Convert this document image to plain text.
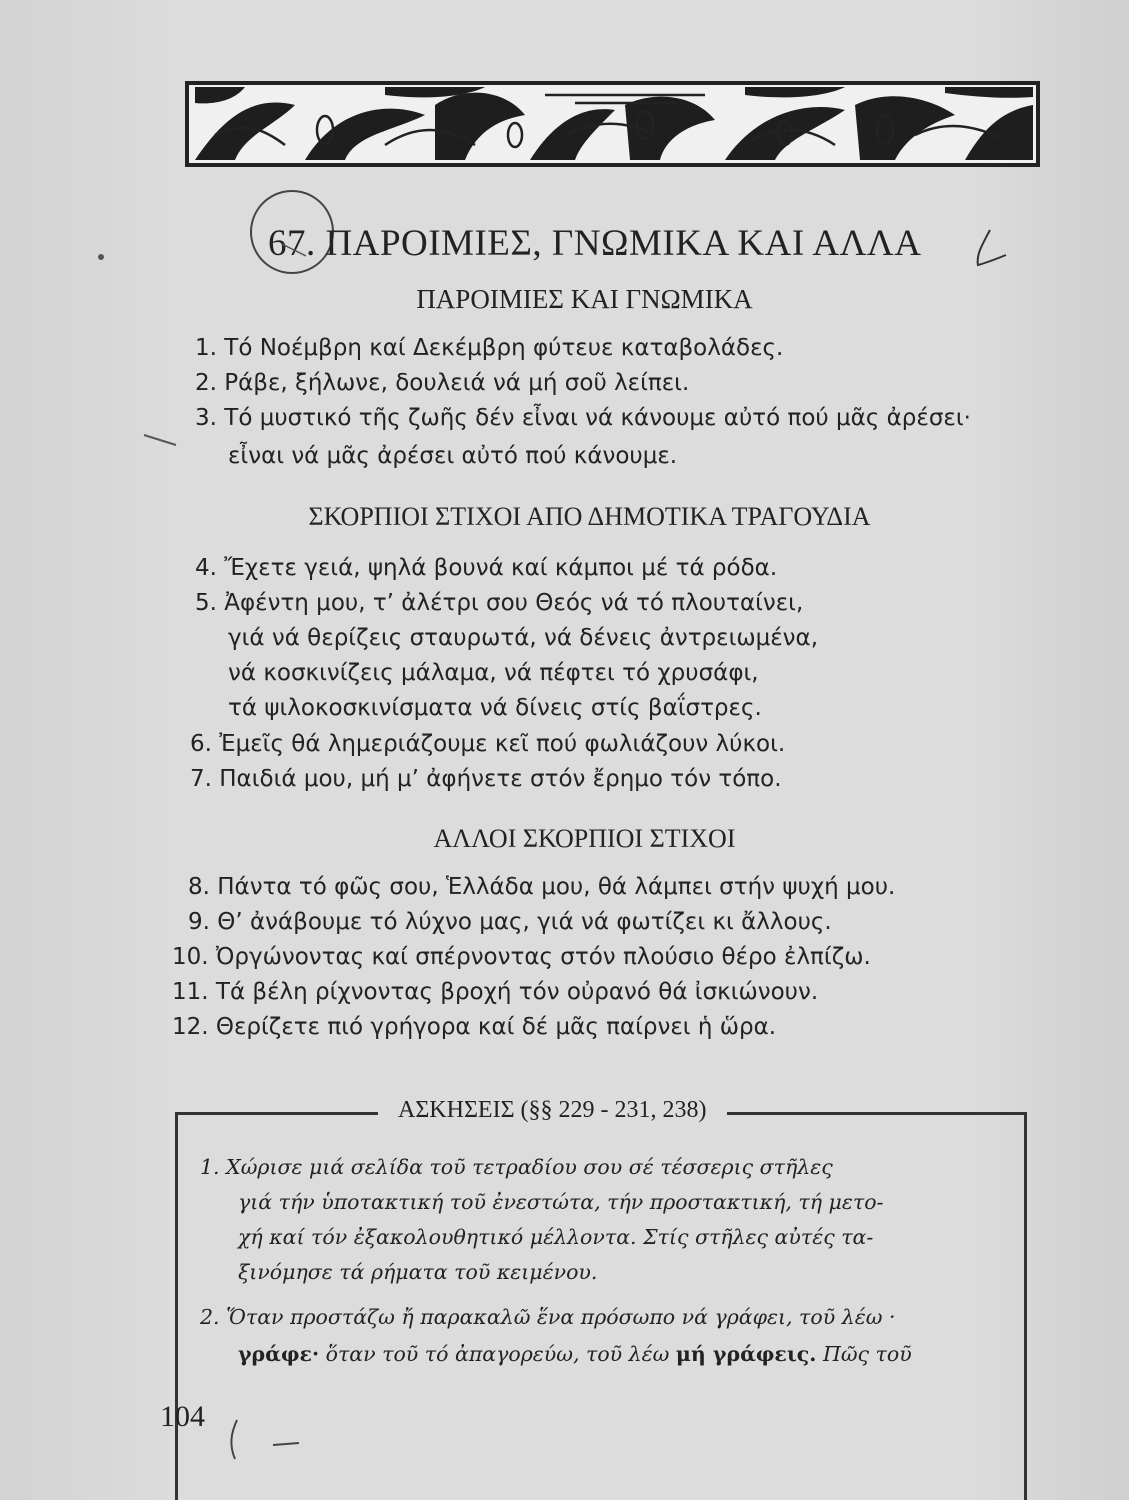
67. ΠΑΡΟΙΜΙΕΣ, ΓΝΩΜΙΚΑ ΚΑΙ ΑΛΛΑ
ΠΑΡΟΙΜΙΕΣ ΚΑΙ ΓΝΩΜΙΚΑ
1. Τό Νοέμβρη καί Δεκέμβρη φύτευε καταβολάδες.
2. Ράβε, ξήλωνε, δουλειά νά μή σοῦ λείπει.
3. Τό μυστικό τῆς ζωῆς δέν εἶναι νά κάνουμε αὐτό πού μᾶς ἀρέσει·
εἶναι νά μᾶς ἀρέσει αὐτό πού κάνουμε.
ΣΚΟΡΠΙΟΙ ΣΤΙΧΟΙ ΑΠΟ ΔΗΜΟΤΙΚΑ ΤΡΑΓΟΥΔΙΑ
4. Ἔχετε γειά, ψηλά βουνά καί κάμποι μέ τά ρόδα.
5. Ἀφέντη μου, τ’ ἀλέτρι σου Θεός νά τό πλουταίνει,
γιά νά θερίζεις σταυρωτά, νά δένεις ἀντρειωμένα,
νά κοσκινίζεις μάλαμα, νά πέφτει τό χρυσάφι,
τά ψιλοκοσκινίσματα νά δίνεις στίς βαΐστρες.
6. Ἐμεῖς θά λημεριάζουμε κεῖ πού φωλιάζουν λύκοι.
7. Παιδιά μου, μή μ’ ἀφήνετε στόν ἔρημο τόν τόπο.
ΑΛΛΟΙ ΣΚΟΡΠΙΟΙ ΣΤΙΧΟΙ
8. Πάντα τό φῶς σου, Ἑλλάδα μου, θά λάμπει στήν ψυχή μου.
9. Θ’ ἀνάβουμε τό λύχνο μας, γιά νά φωτίζει κι ἄλλους.
10. Ὀργώνοντας καί σπέρνοντας στόν πλούσιο θέρο ἐλπίζω.
11. Τά βέλη ρίχνοντας βροχή τόν οὐρανό θά ἰσκιώνουν.
12. Θερίζετε πιό γρήγορα καί δέ μᾶς παίρνει ἡ ὥρα.
ΑΣΚΗΣΕΙΣ (§§ 229 - 231, 238)
1. Χώρισε μιά σελίδα τοῦ τετραδίου σου σέ τέσσερις στῆλες
γιά τήν ὑποτακτική τοῦ ἐνεστώτα, τήν προστακτική, τή μετο-
χή καί τόν ἐξακολουθητικό μέλλοντα. Στίς στῆλες αὐτές τα-
ξινόμησε τά ρήματα τοῦ κειμένου.
2. Ὅταν προστάζω ἤ παρακαλῶ ἕνα πρόσωπο νά γράφει, τοῦ λέω ·
γράφε· ὅταν τοῦ τό ἀπαγορεύω, τοῦ λέω μή γράφεις. Πῶς τοῦ
104
